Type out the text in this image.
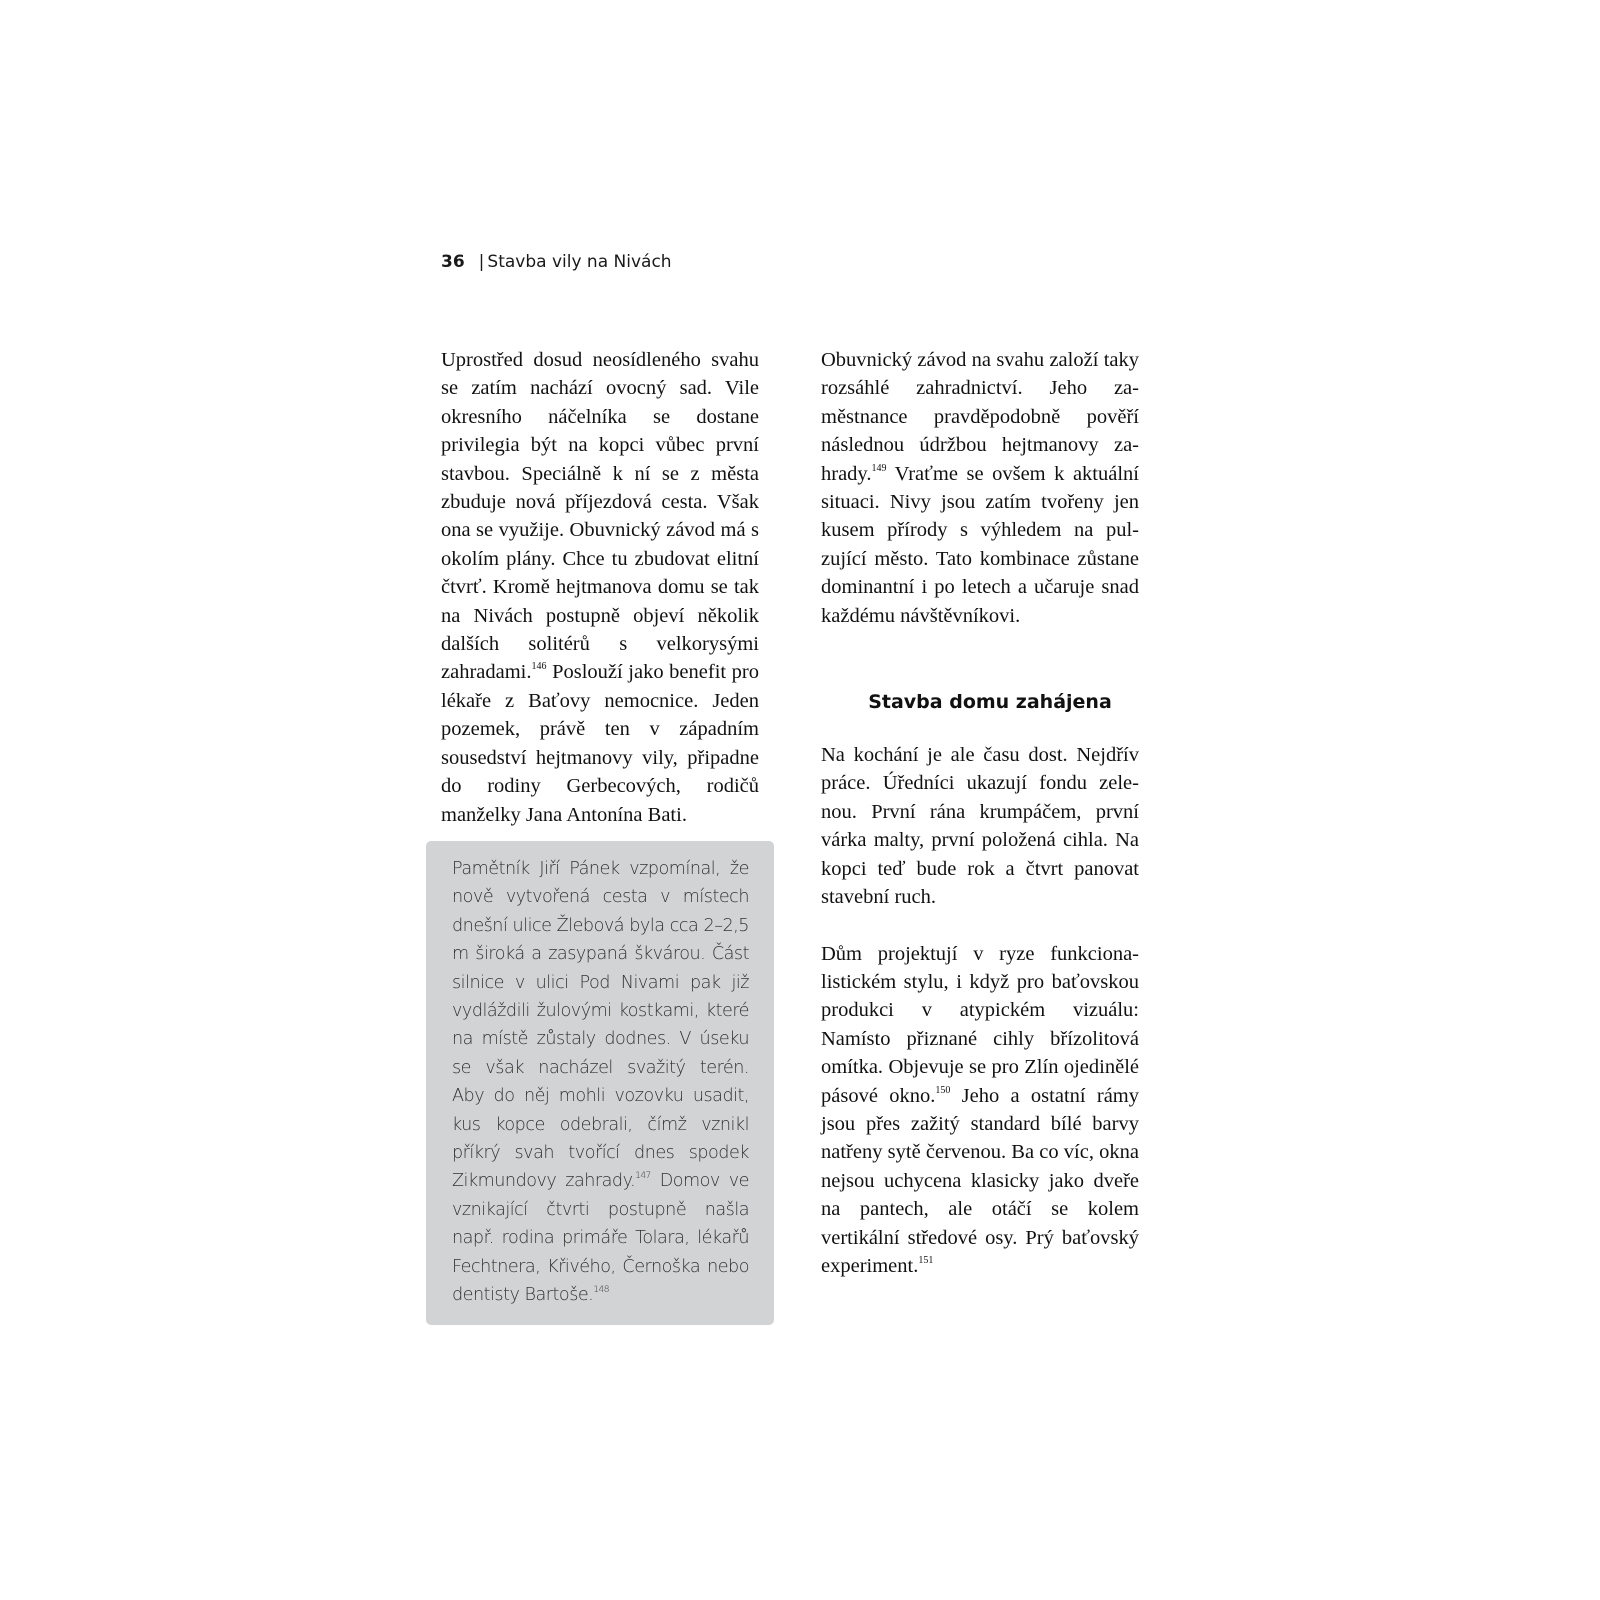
36 | Stavba vily na Nivách

Uprostřed dosud neosídleného svahu se zatím nachází ovocný sad. Vile okresního náčelníka se dostane privilegia být na kopci vůbec první stavbou. Speciálně k ní se z města zbuduje nová příjezdová cesta. Však ona se využije. Obuvnický závod má s okolím plány. Chce tu zbudovat elitní čtvrť. Kromě hejtmanova domu se tak na Nivách postupně objeví několik dalších solitérů s velkorysými zahradami.$^{146}$ Poslouží jako benefit pro lékaře z Baťovy nemocnice. Jeden pozemek, právě ten v západním sousedství hejtmanovy vily, připadne do rodiny Gerbecových, rodičů manželky Jana Antonína Bati.

Pamětník Jiří Pánek vzpomínal, že nově vytvořená cesta v místech dnešní ulice Žlebová byla cca 2–2,5 m široká a zasypaná škvárou. Část silnice v ulici Pod Nivami pak již vydláždili žulovými kostkami, které na místě zůstaly dodnes. V úseku se však nacházel svažitý terén. Aby do něj mohli vozovku usadit, kus kopce odebrali, čímž vznikl příkrý svah tvořící dnes spodek Zikmundovy zahrady.$^{147}$ Domov ve vznikající čtvrti postupně našla např. rodina primáře Tolara, lékařů Fechtnera, Křivého, Černoška nebo dentisty Bartoše.$^{148}$

Obuvnický závod na svahu založí taky rozsáhlé zahradnictví. Jeho zaměstnance pravděpodobně pověří následnou údržbou hejtmanovy zahrady.$^{149}$ Vraťme se ovšem k aktuální situaci. Nivy jsou zatím tvořeny jen kusem přírody s výhledem na pulzující město. Tato kombinace zůstane dominantní i po letech a učaruje snad každému návštěvníkovi.

Stavba domu zahájena

Na kochání je ale času dost. Nejdřív práce. Úředníci ukazují fondu zelenou. První rána krumpáčem, první várka malty, první položená cihla. Na kopci teď bude rok a čtvrt panovat stavební ruch.

Dům projektují v ryze funkcionalistickém stylu, i když pro baťovskou produkci v atypickém vizuálu: Namísto přiznané cihly břízolitová omítka. Objevuje se pro Zlín ojedinělé pásové okno.$^{150}$ Jeho a ostatní rámy jsou přes zažitý standard bílé barvy natřeny sytě červenou. Ba co víc, okna nejsou uchycena klasicky jako dveře na pantech, ale otáčí se kolem vertikální středové osy. Prý baťovský experiment.$^{151}$
